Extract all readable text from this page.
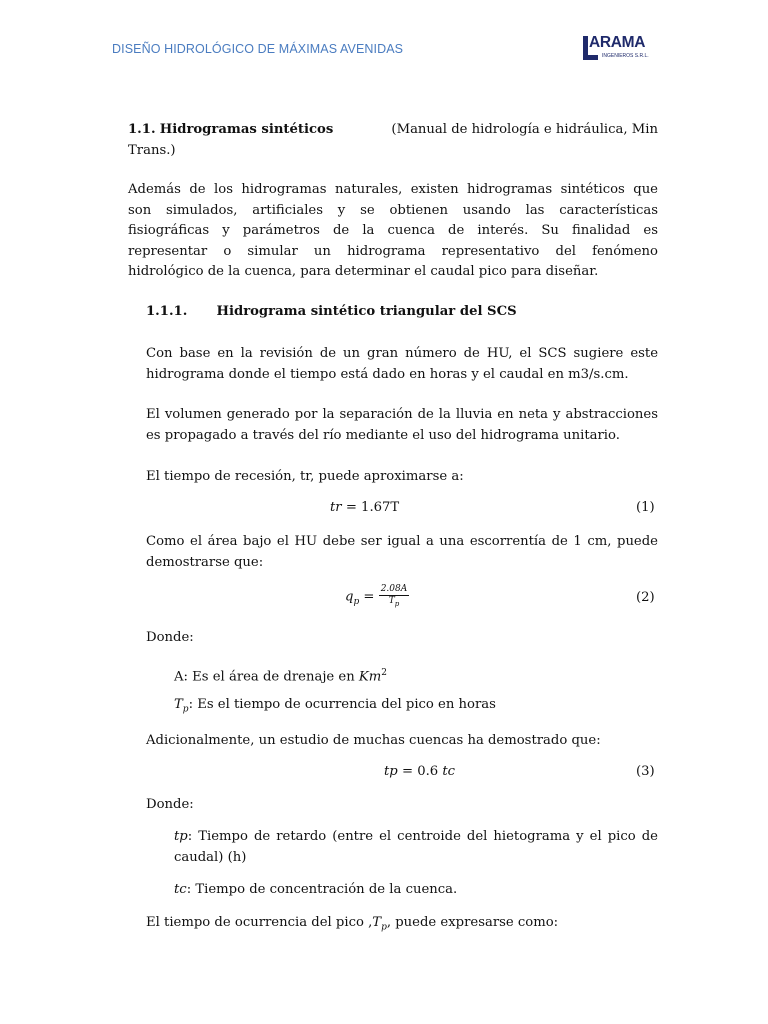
DISEÑO HIDROLÓGICO DE MÁXIMAS AVENIDAS	ARAMA
INGENIEROS S.R.L.
1.1. Hidrogramas sintéticos	(Manual de hidrología e hidráulica, Min
Trans.)
Además de los hidrogramas naturales, existen hidrogramas sintéticos que
son simulados, artificiales y se obtienen usando las características
fisiográficas y parámetros de la cuenca de interés. Su finalidad es
representar o simular un hidrograma representativo del fenómeno
hidrológico de la cuenca, para determinar el caudal pico para diseñar.
1.1.1. Hidrograma sintético triangular del SCS
Con base en la revisión de un gran número de HU, el SCS sugiere este
hidrograma donde el tiempo está dado en horas y el caudal en m3/s.cm.
El volumen generado por la separación de la lluvia en neta y abstracciones
es propagado a través del río mediante el uso del hidrograma unitario.
El tiempo de recesión, tr, puede aproximarse a:
tr = 1.67T	(1)
Como el área bajo el HU debe ser igual a una escorrentía de 1 cm, puede
demostrarse que:
$q_p = \frac{2.08A}{T_p}$	(2)
Donde:
A: Es el área de drenaje en Km$^2$
$T_p$: Es el tiempo de ocurrencia del pico en horas
Adicionalmente, un estudio de muchas cuencas ha demostrado que:
tp = 0.6 tc	(3)
Donde:
tp: Tiempo de retardo (entre el centroide del hietograma y el pico de
caudal) (h)
tc: Tiempo de concentración de la cuenca.
El tiempo de ocurrencia del pico $,T_p$, puede expresarse como:
